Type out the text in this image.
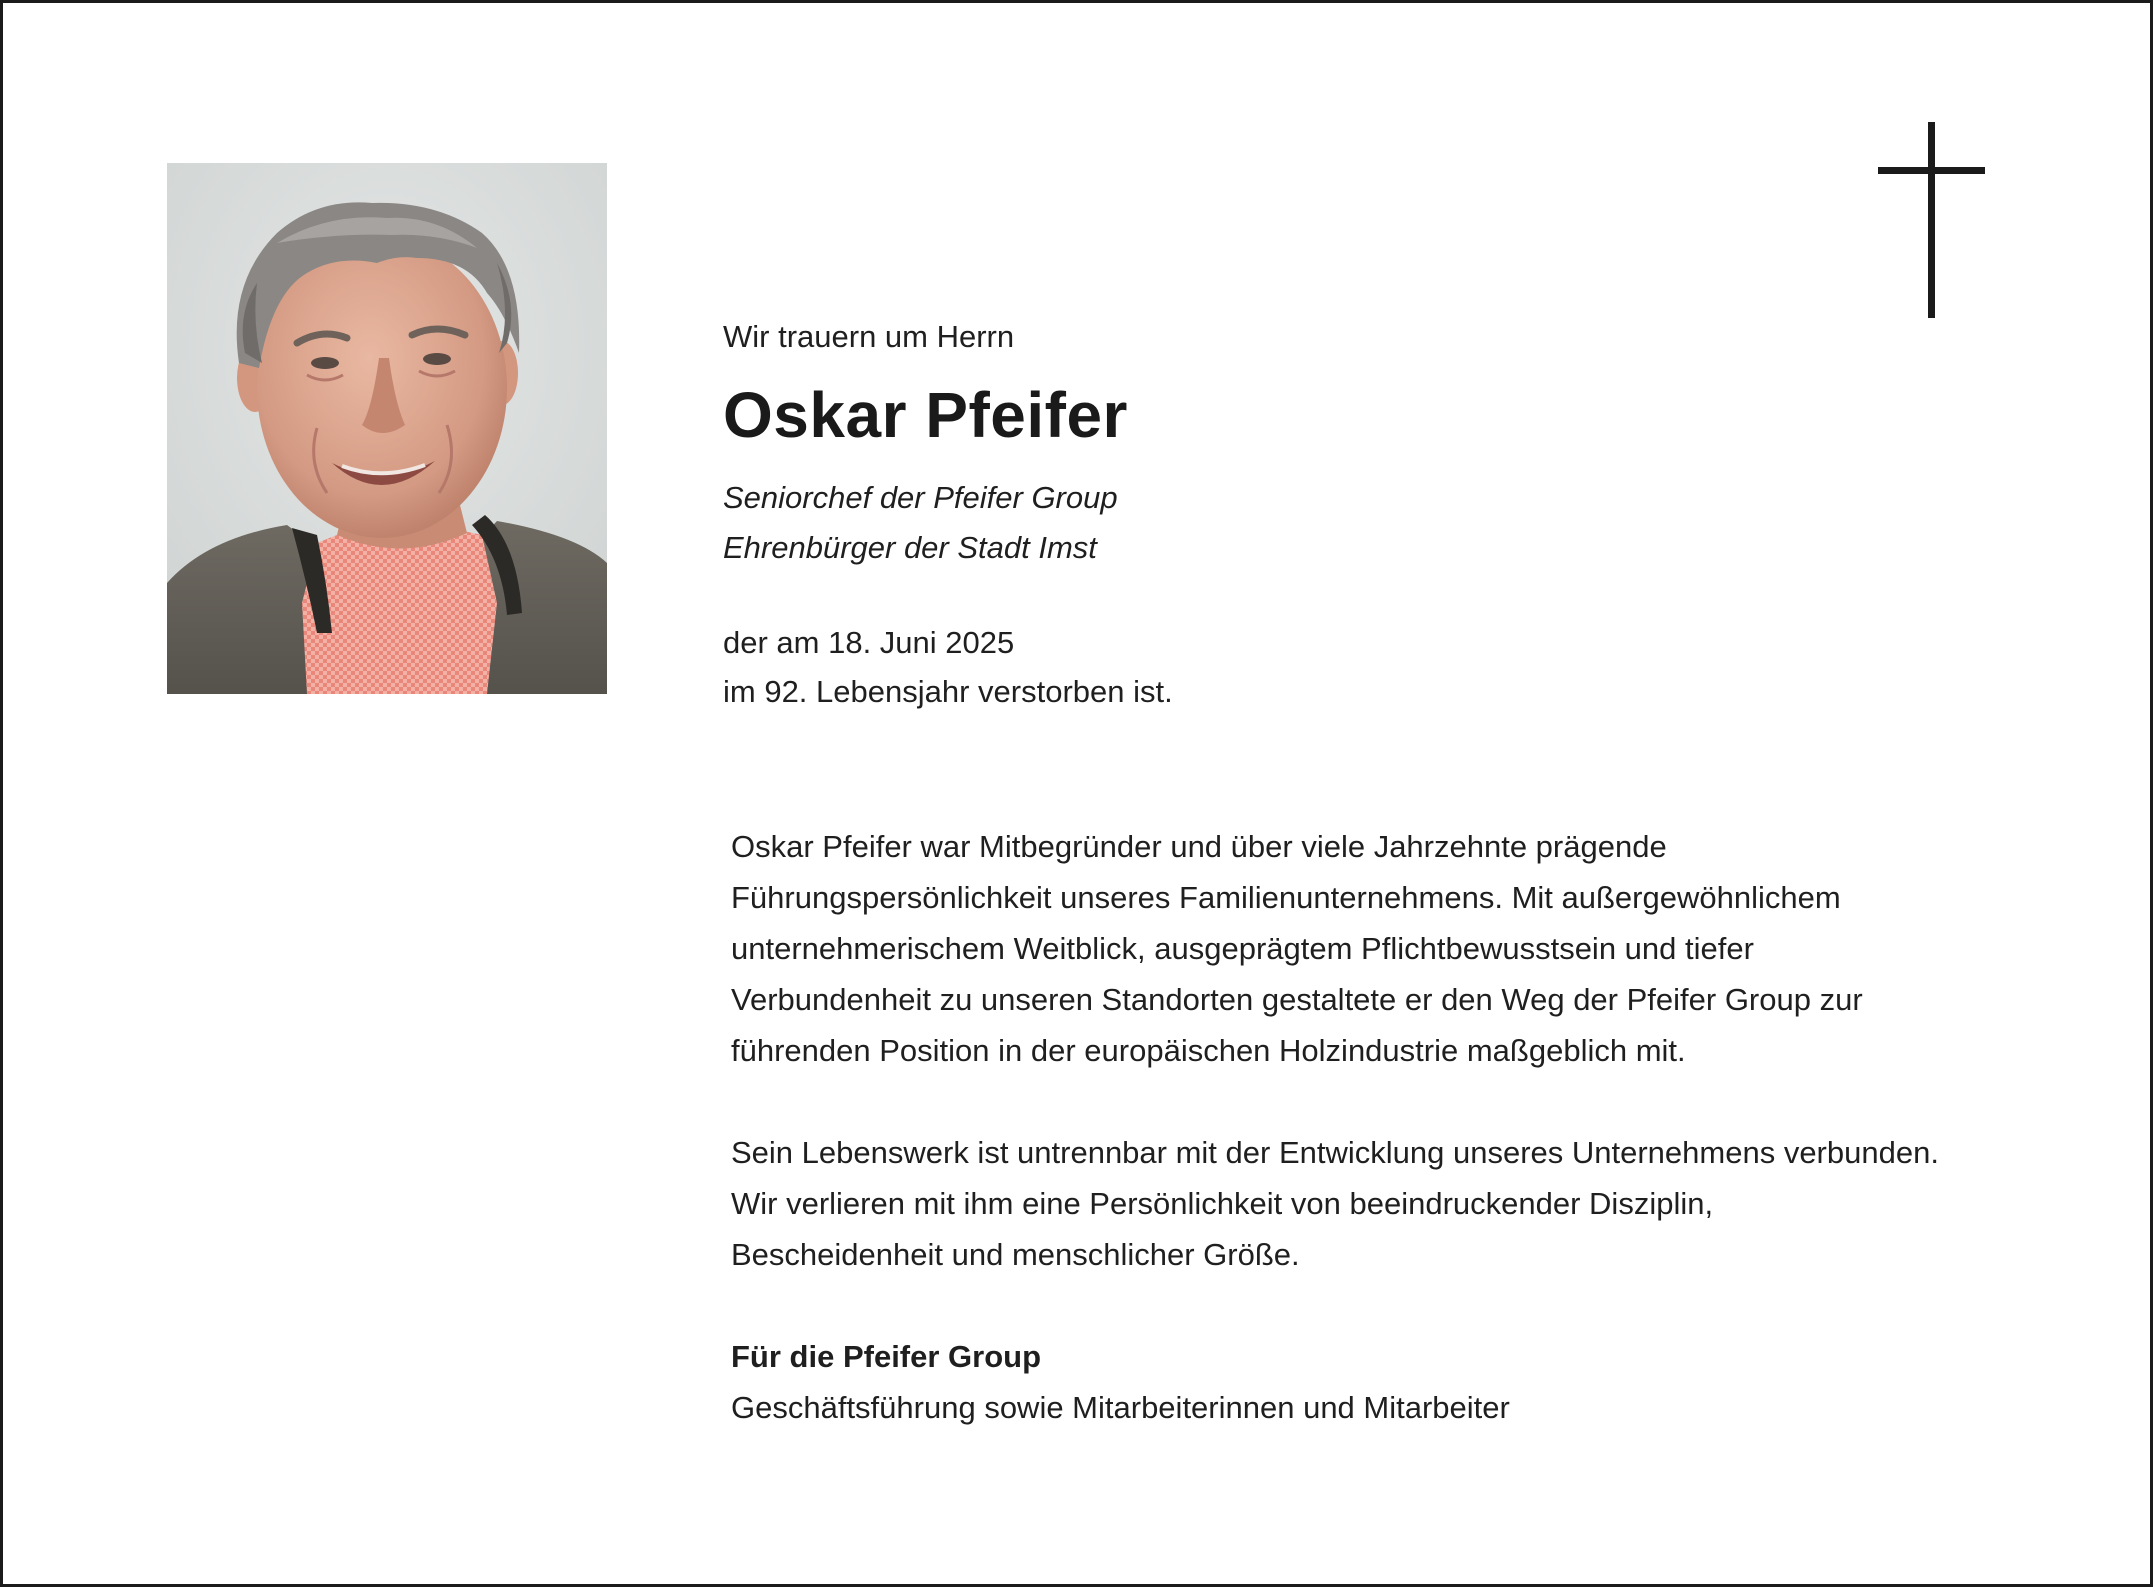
Wir trauern um Herrn

Oskar Pfeifer
Seniorchef der Pfeifer Group
Ehrenbürger der Stadt Imst
der am 18. Juni 2025
im 92. Lebensjahr verstorben ist.

Oskar Pfeifer war Mitbegründer und über viele Jahrzehnte prägende
Führungspersönlichkeit unseres Familienunternehmens. Mit außergewöhnlichem
unternehmerischem Weitblick, ausgeprägtem Pflichtbewusstsein und tiefer
Verbundenheit zu unseren Standorten gestaltete er den Weg der Pfeifer Group zur
führenden Position in der europäischen Holzindustrie maßgeblich mit.

Sein Lebenswerk ist untrennbar mit der Entwicklung unseres Unternehmens verbunden.
Wir verlieren mit ihm eine Persönlichkeit von beeindruckender Disziplin,
Bescheidenheit und menschlicher Größe.

Für die Pfeifer Group
Geschäftsführung sowie Mitarbeiterinnen und Mitarbeiter
